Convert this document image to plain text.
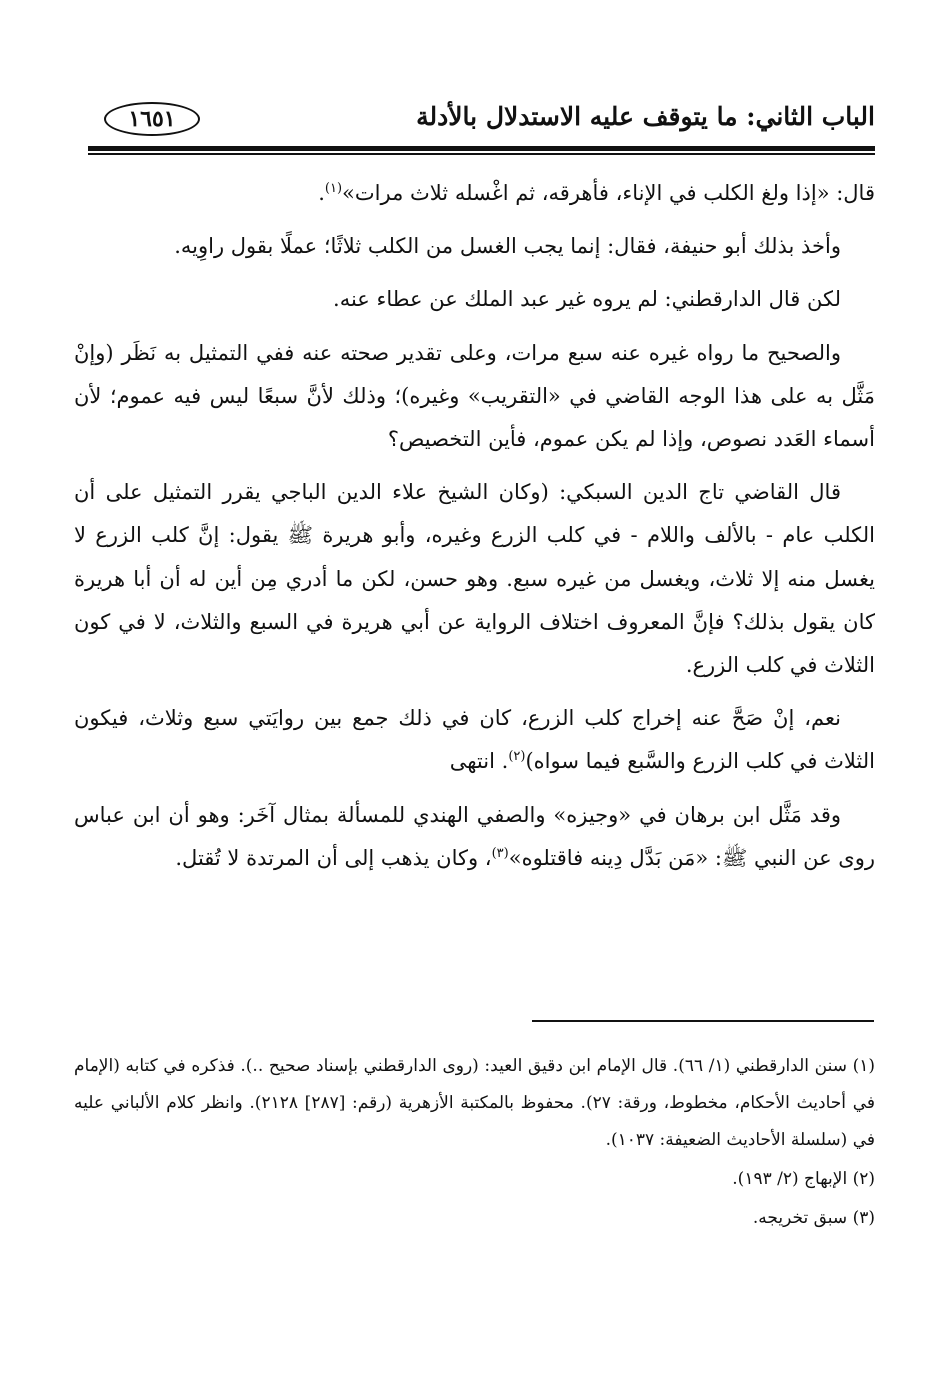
الباب الثاني: ما يتوقف عليه الاستدلال بالأدلة
١٦٥١

قال: «إذا ولغ الكلب في الإناء، فأهرقه، ثم اغْسله ثلاث مرات»$^{(١)}$.

وأخذ بذلك أبو حنيفة، فقال: إنما يجب الغسل من الكلب ثلاثًا؛ عملًا بقول راوِيه.

لكن قال الدارقطني: لم يروه غير عبد الملك عن عطاء عنه.

والصحيح ما رواه غيره عنه سبع مرات، وعلى تقدير صحته عنه ففي التمثيل به نَظَر (وإنْ مَثَّل به على هذا الوجه القاضي في «التقريب» وغيره)؛ وذلك لأنَّ سبعًا ليس فيه عموم؛ لأن أسماء العَدد نصوص، وإذا لم يكن عموم، فأين التخصيص؟

قال القاضي تاج الدين السبكي: (وكان الشيخ علاء الدين الباجي يقرر التمثيل على أن الكلب عام - بالألف واللام - في كلب الزرع وغيره، وأبو هريرة ﷺ يقول: إنَّ كلب الزرع لا يغسل منه إلا ثلاث، ويغسل من غيره سبع. وهو حسن، لكن ما أدري مِن أين له أن أبا هريرة كان يقول بذلك؟ فإنَّ المعروف اختلاف الرواية عن أبي هريرة في السبع والثلاث، لا في كون الثلاث في كلب الزرع.

نعم، إنْ صَحَّ عنه إخراج كلب الزرع، كان في ذلك جمع بين روايَتي سبع وثلاث، فيكون الثلاث في كلب الزرع والسَّبع فيما سواه)$^{(٢)}$. انتهى

وقد مَثَّل ابن برهان في «وجيزه» والصفي الهندي للمسألة بمثال آخَر: وهو أن ابن عباس روى عن النبي ﷺ: «مَن بَدَّل دِينه فاقتلوه»$^{(٣)}$، وكان يذهب إلى أن المرتدة لا تُقتل.

(١) سنن الدارقطني (١/ ٦٦). قال الإمام ابن دقيق العيد: (روى الدارقطني بإسناد صحيح ..). فذكره في كتابه (الإمام في أحاديث الأحكام، مخطوط، ورقة: ٢٧). محفوظ بالمكتبة الأزهرية (رقم: [٢٨٧] ٢١٢٨). وانظر كلام الألباني عليه في (سلسلة الأحاديث الضعيفة: ١٠٣٧).

(٢) الإبهاج (٢/ ١٩٣).

(٣) سبق تخريجه.
